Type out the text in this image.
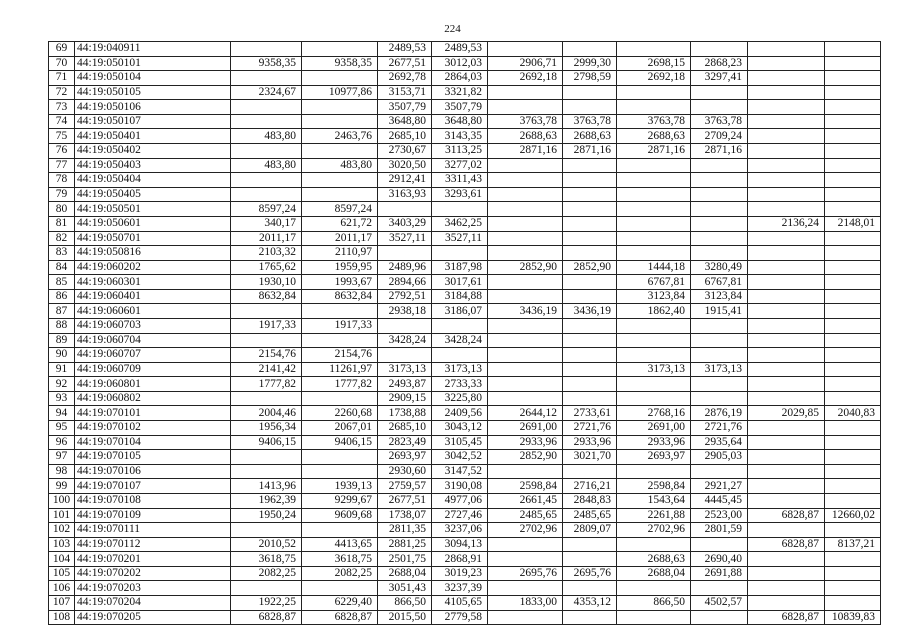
224
69	44:19:040911			2489,53	2489,53						
70	44:19:050101	9358,35	9358,35	2677,51	3012,03	2906,71	2999,30	2698,15	2868,23		
71	44:19:050104			2692,78	2864,03	2692,18	2798,59	2692,18	3297,41		
72	44:19:050105	2324,67	10977,86	3153,71	3321,82						
73	44:19:050106			3507,79	3507,79						
74	44:19:050107			3648,80	3648,80	3763,78	3763,78	3763,78	3763,78		
75	44:19:050401	483,80	2463,76	2685,10	3143,35	2688,63	2688,63	2688,63	2709,24		
76	44:19:050402			2730,67	3113,25	2871,16	2871,16	2871,16	2871,16		
77	44:19:050403	483,80	483,80	3020,50	3277,02						
78	44:19:050404			2912,41	3311,43						
79	44:19:050405			3163,93	3293,61						
80	44:19:050501	8597,24	8597,24								
81	44:19:050601	340,17	621,72	3403,29	3462,25					2136,24	2148,01
82	44:19:050701	2011,17	2011,17	3527,11	3527,11						
83	44:19:050816	2103,32	2110,97								
84	44:19:060202	1765,62	1959,95	2489,96	3187,98	2852,90	2852,90	1444,18	3280,49		
85	44:19:060301	1930,10	1993,67	2894,66	3017,61			6767,81	6767,81		
86	44:19:060401	8632,84	8632,84	2792,51	3184,88			3123,84	3123,84		
87	44:19:060601			2938,18	3186,07	3436,19	3436,19	1862,40	1915,41		
88	44:19:060703	1917,33	1917,33								
89	44:19:060704			3428,24	3428,24						
90	44:19:060707	2154,76	2154,76								
91	44:19:060709	2141,42	11261,97	3173,13	3173,13			3173,13	3173,13		
92	44:19:060801	1777,82	1777,82	2493,87	2733,33						
93	44:19:060802			2909,15	3225,80						
94	44:19:070101	2004,46	2260,68	1738,88	2409,56	2644,12	2733,61	2768,16	2876,19	2029,85	2040,83
95	44:19:070102	1956,34	2067,01	2685,10	3043,12	2691,00	2721,76	2691,00	2721,76		
96	44:19:070104	9406,15	9406,15	2823,49	3105,45	2933,96	2933,96	2933,96	2935,64		
97	44:19:070105			2693,97	3042,52	2852,90	3021,70	2693,97	2905,03		
98	44:19:070106			2930,60	3147,52						
99	44:19:070107	1413,96	1939,13	2759,57	3190,08	2598,84	2716,21	2598,84	2921,27		
100	44:19:070108	1962,39	9299,67	2677,51	4977,06	2661,45	2848,83	1543,64	4445,45		
101	44:19:070109	1950,24	9609,68	1738,07	2727,46	2485,65	2485,65	2261,88	2523,00	6828,87	12660,02
102	44:19:070111			2811,35	3237,06	2702,96	2809,07	2702,96	2801,59		
103	44:19:070112	2010,52	4413,65	2881,25	3094,13					6828,87	8137,21
104	44:19:070201	3618,75	3618,75	2501,75	2868,91			2688,63	2690,40		
105	44:19:070202	2082,25	2082,25	2688,04	3019,23	2695,76	2695,76	2688,04	2691,88		
106	44:19:070203			3051,43	3237,39						
107	44:19:070204	1922,25	6229,40	866,50	4105,65	1833,00	4353,12	866,50	4502,57		
108	44:19:070205	6828,87	6828,87	2015,50	2779,58					6828,87	10839,83
